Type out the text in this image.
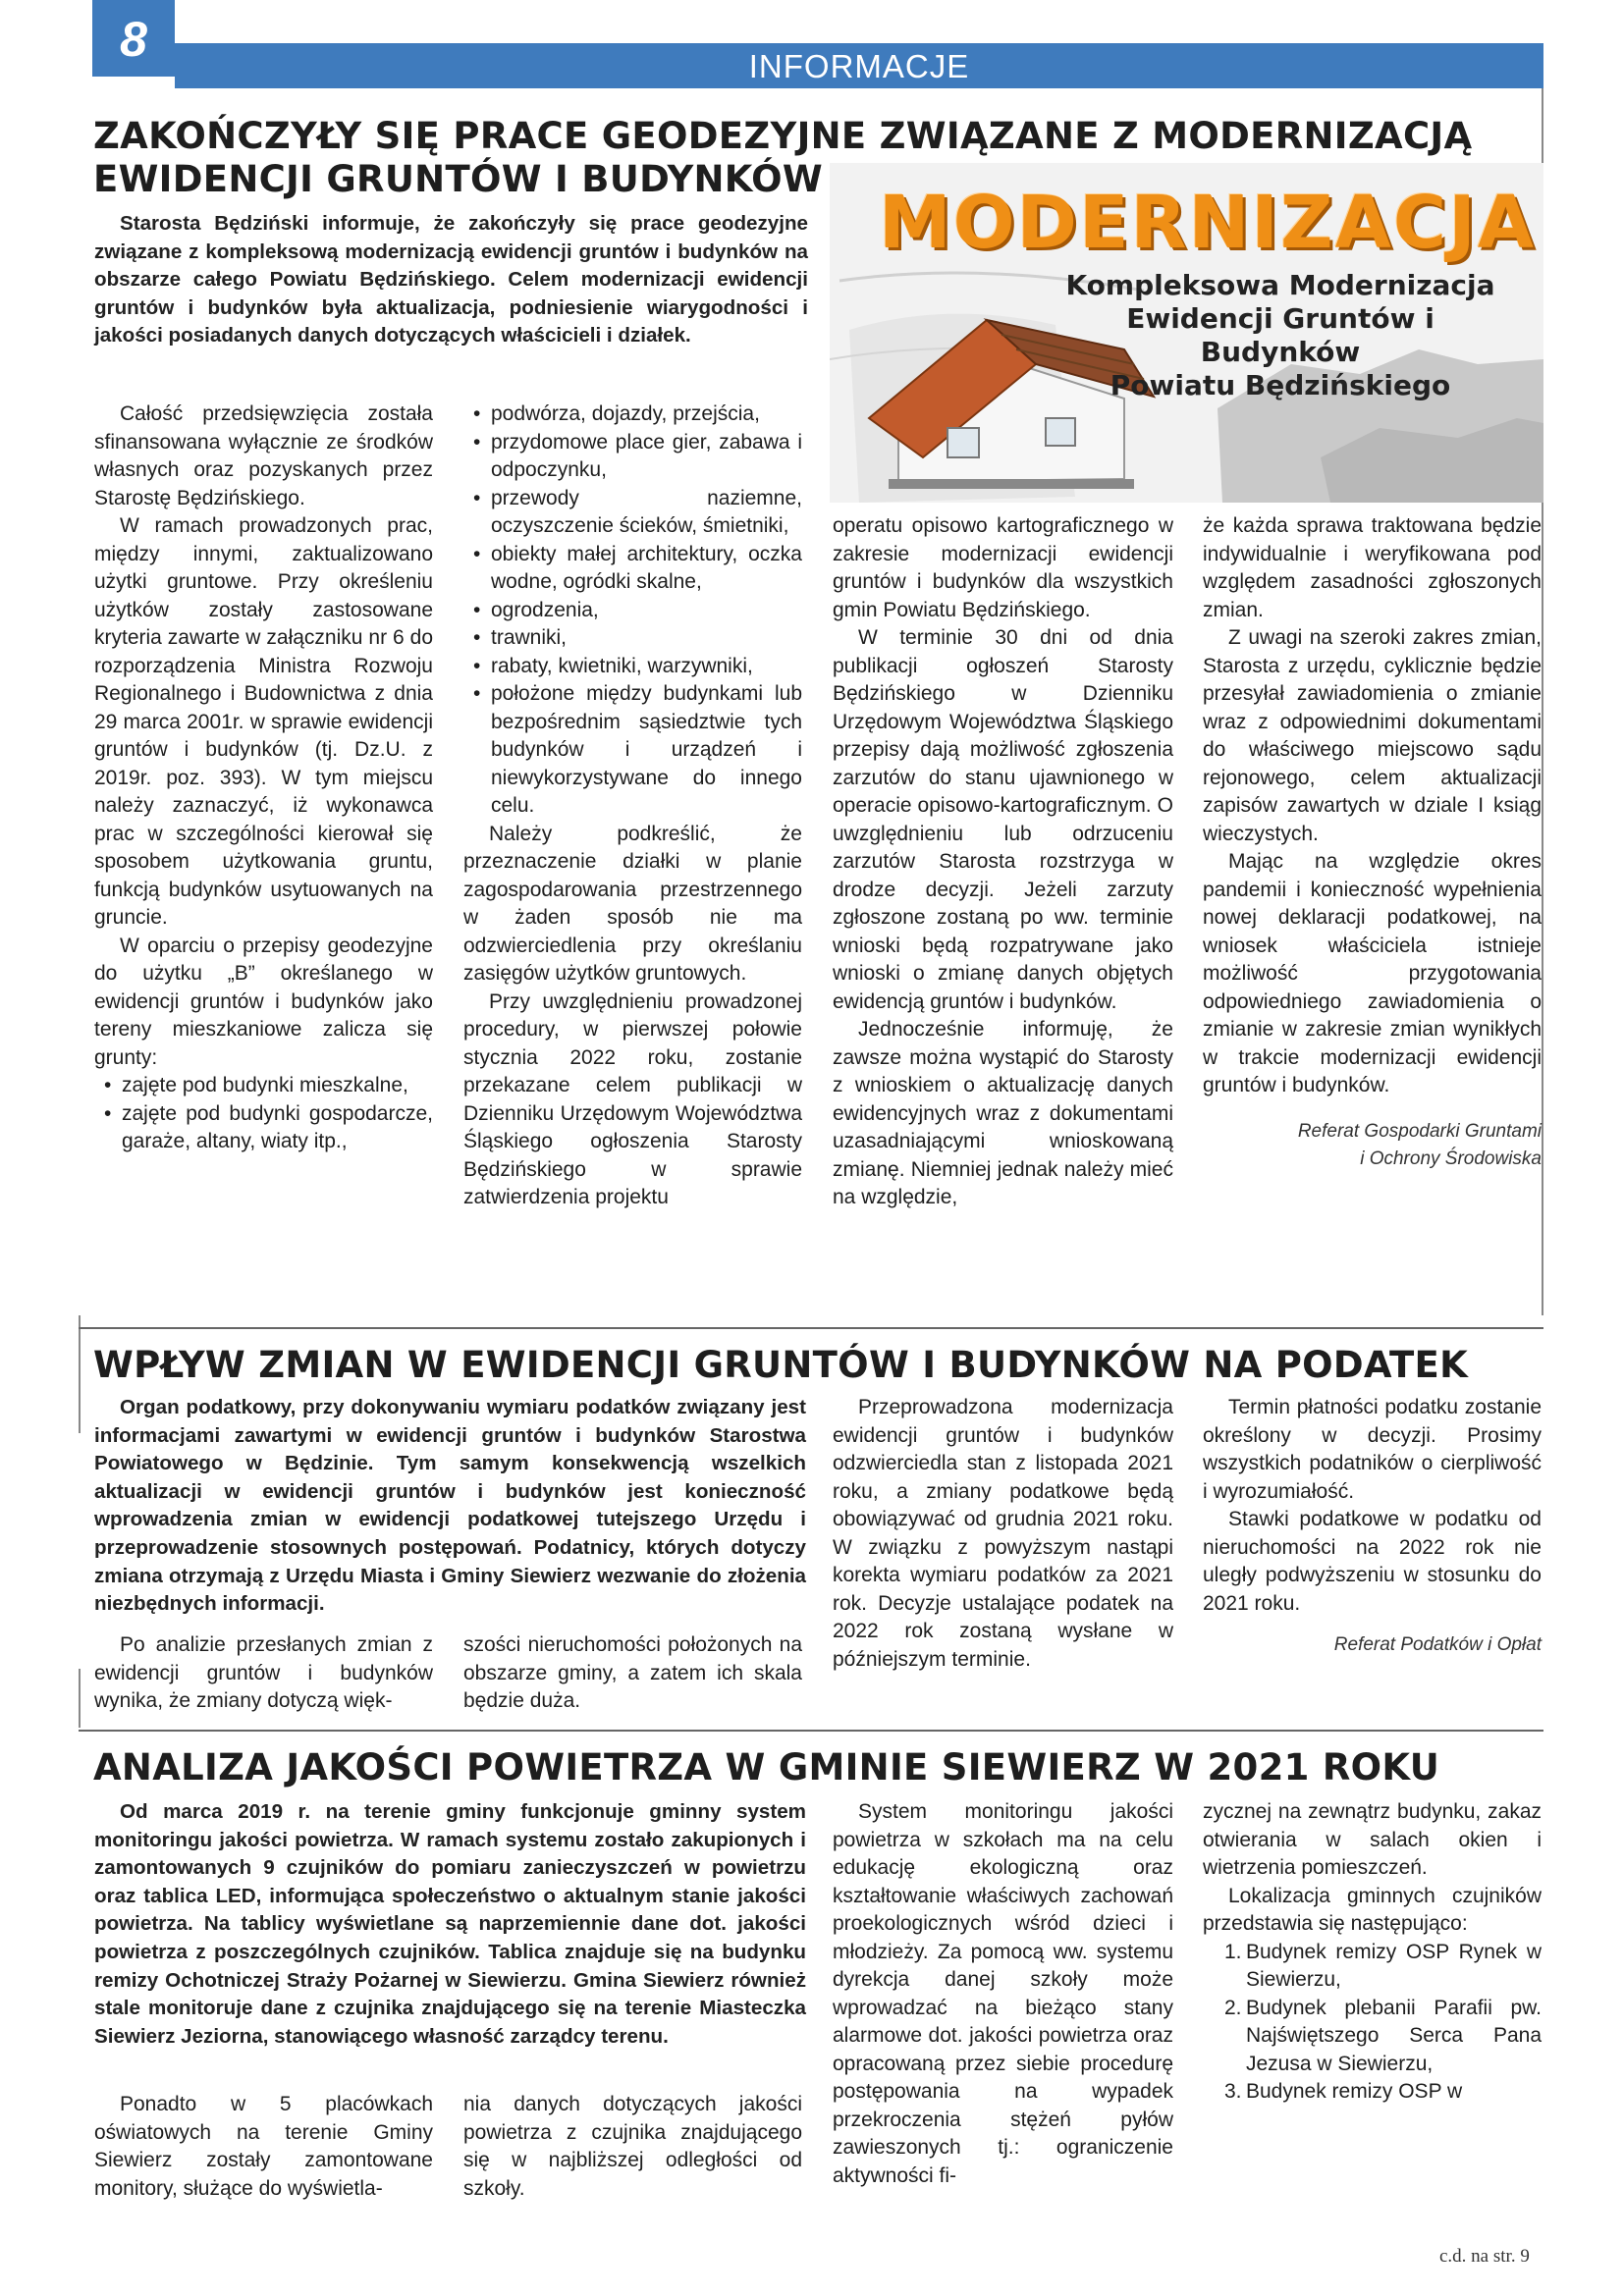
8	INFORMACJE
ZAKOŃCZYŁY SIĘ PRACE GEODEZYJNE ZWIĄZANE Z MODERNIZACJĄ
EWIDENCJI GRUNTÓW I BUDYNKÓW

Starosta Będziński informuje, że zakończyły się prace geodezyjne związane z kompleksową modernizacją ewidencji gruntów i budynków na obszarze całego Powiatu Będzińskiego. Celem modernizacji ewidencji gruntów i budynków była aktualizacja, podniesienie wiarygodności i jakości posiadanych danych dotyczących właścicieli i działek.

MODERNIZACJA
Kompleksowa Modernizacja
Ewidencji Gruntów i Budynków
Powiatu Będzińskiego

Całość przedsięwzięcia została sfinansowana wyłącznie ze środków własnych oraz pozyskanych przez Starostę Będzińskiego.

W ramach prowadzonych prac, między innymi, zaktualizowano użytki gruntowe. Przy określeniu użytków zostały zastosowane kryteria zawarte w załączniku nr 6 do rozporządzenia Ministra Rozwoju Regionalnego i Budownictwa z dnia 29 marca 2001r. w sprawie ewidencji gruntów i budynków (tj. Dz.U. z 2019r. poz. 393). W tym miejscu należy zaznaczyć, iż wykonawca prac w szczególności kierował się sposobem użytkowania gruntu, funkcją budynków usytuowanych na gruncie.

W oparciu o przepisy geodezyjne do użytku „B” określanego w ewidencji gruntów i budynków jako tereny mieszkaniowe zalicza się grunty:

• zajęte pod budynki mieszkalne,
• zajęte pod budynki gospodarcze, garaże, altany, wiaty itp.,
• podwórza, dojazdy, przejścia,
• przydomowe place gier, zabawa i odpoczynku,
• przewody naziemne, oczyszczenie ścieków, śmietniki,
• obiekty małej architektury, oczka wodne, ogródki skalne,
• ogrodzenia,
• trawniki,
• rabaty, kwietniki, warzywniki,
• położone między budynkami lub bezpośrednim sąsiedztwie tych budynków i urządzeń i niewykorzystywane do innego celu.

Należy podkreślić, że przeznaczenie działki w planie zagospodarowania przestrzennego w żaden sposób nie ma odzwierciedlenia przy określaniu zasięgów użytków gruntowych.

Przy uwzględnieniu prowadzonej procedury, w pierwszej połowie stycznia 2022 roku, zostanie przekazane celem publikacji w Dzienniku Urzędowym Województwa Śląskiego ogłoszenia Starosty Będzińskiego w sprawie zatwierdzenia projektu

operatu opisowo kartograficznego w zakresie modernizacji ewidencji gruntów i budynków dla wszystkich gmin Powiatu Będzińskiego.

W terminie 30 dni od dnia publikacji ogłoszeń Starosty Będzińskiego w Dzienniku Urzędowym Województwa Śląskiego przepisy dają możliwość zgłoszenia zarzutów do stanu ujawnionego w operacie opisowo-kartograficznym. O uwzględnieniu lub odrzuceniu zarzutów Starosta rozstrzyga w drodze decyzji. Jeżeli zarzuty zgłoszone zostaną po ww. terminie wnioski będą rozpatrywane jako wnioski o zmianę danych objętych ewidencją gruntów i budynków.

Jednocześnie informuję, że zawsze można wystąpić do Starosty z wnioskiem o aktualizację danych ewidencyjnych wraz z dokumentami uzasadniającymi wnioskowaną zmianę. Niemniej jednak należy mieć na względzie,

że każda sprawa traktowana będzie indywidualnie i weryfikowana pod względem zasadności zgłoszonych zmian.

Z uwagi na szeroki zakres zmian, Starosta z urzędu, cyklicznie będzie przesyłał zawiadomienia o zmianie wraz z odpowiednimi dokumentami do właściwego miejscowo sądu rejonowego, celem aktualizacji zapisów zawartych w dziale I ksiąg wieczystych.

Mając na względzie okres pandemii i konieczność wypełnienia nowej deklaracji podatkowej, na wniosek właściciela istnieje możliwość przygotowania odpowiedniego zawiadomienia o zmianie w zakresie zmian wynikłych w trakcie modernizacji ewidencji gruntów i budynków.

Referat Gospodarki Gruntami
i Ochrony Środowiska
WPŁYW ZMIAN W EWIDENCJI GRUNTÓW I BUDYNKÓW NA PODATEK

Organ podatkowy, przy dokonywaniu wymiaru podatków związany jest informacjami zawartymi w ewidencji gruntów i budynków Starostwa Powiatowego w Będzinie. Tym samym konsekwencją wszelkich aktualizacji w ewidencji gruntów i budynków jest konieczność wprowadzenia zmian w ewidencji podatkowej tutejszego Urzędu i przeprowadzenie stosownych postępowań. Podatnicy, których dotyczy zmiana otrzymają z Urzędu Miasta i Gminy Siewierz wezwanie do złożenia niezbędnych informacji.

Po analizie przesłanych zmian z ewidencji gruntów i budynków wynika, że zmiany dotyczą więk-

szości nieruchomości położonych na obszarze gminy, a zatem ich skala będzie duża.

Przeprowadzona modernizacja ewidencji gruntów i budynków odzwierciedla stan z listopada 2021 roku, a zmiany podatkowe będą obowiązywać od grudnia 2021 roku. W związku z powyższym nastąpi korekta wymiaru podatków za 2021 rok. Decyzje ustalające podatek na 2022 rok zostaną wysłane w późniejszym terminie.

Termin płatności podatku zostanie określony w decyzji. Prosimy wszystkich podatników o cierpliwość i wyrozumiałość.

Stawki podatkowe w podatku od nieruchomości na 2022 rok nie uległy podwyższeniu w stosunku do 2021 roku.

Referat Podatków i Opłat
ANALIZA JAKOŚCI POWIETRZA W GMINIE SIEWIERZ W 2021 ROKU

Od marca 2019 r. na terenie gminy funkcjonuje gminny system monitoringu jakości powietrza. W ramach systemu zostało zakupionych i zamontowanych 9 czujników do pomiaru zanieczyszczeń w powietrzu oraz tablica LED, informująca społeczeństwo o aktualnym stanie jakości powietrza. Na tablicy wyświetlane są naprzemiennie dane dot. jakości powietrza z poszczególnych czujników. Tablica znajduje się na budynku remizy Ochotniczej Straży Pożarnej w Siewierzu. Gmina Siewierz również stale monitoruje dane z czujnika znajdującego się na terenie Miasteczka Siewierz Jeziorna, stanowiącego własność zarządcy terenu.

Ponadto w 5 placówkach oświatowych na terenie Gminy Siewierz zostały zamontowane monitory, służące do wyświetla-

nia danych dotyczących jakości powietrza z czujnika znajdującego się w najbliższej odległości od szkoły.

System monitoringu jakości powietrza w szkołach ma na celu edukację ekologiczną oraz kształtowanie właściwych zachowań proekologicznych wśród dzieci i młodzieży. Za pomocą ww. systemu dyrekcja danej szkoły może wprowadzać na bieżąco stany alarmowe dot. jakości powietrza oraz opracowaną przez siebie procedurę postępowania na wypadek przekroczenia stężeń pyłów zawieszonych tj.: ograniczenie aktywności fi-

zycznej na zewnątrz budynku, zakaz otwierania w salach okien i wietrzenia pomieszczeń.

Lokalizacja gminnych czujników przedstawia się następująco:

1. Budynek remizy OSP Rynek w Siewierzu,
2. Budynek plebanii Parafii pw. Najświętszego Serca Pana Jezusa w Siewierzu,
3. Budynek remizy OSP w
c.d. na str. 9
